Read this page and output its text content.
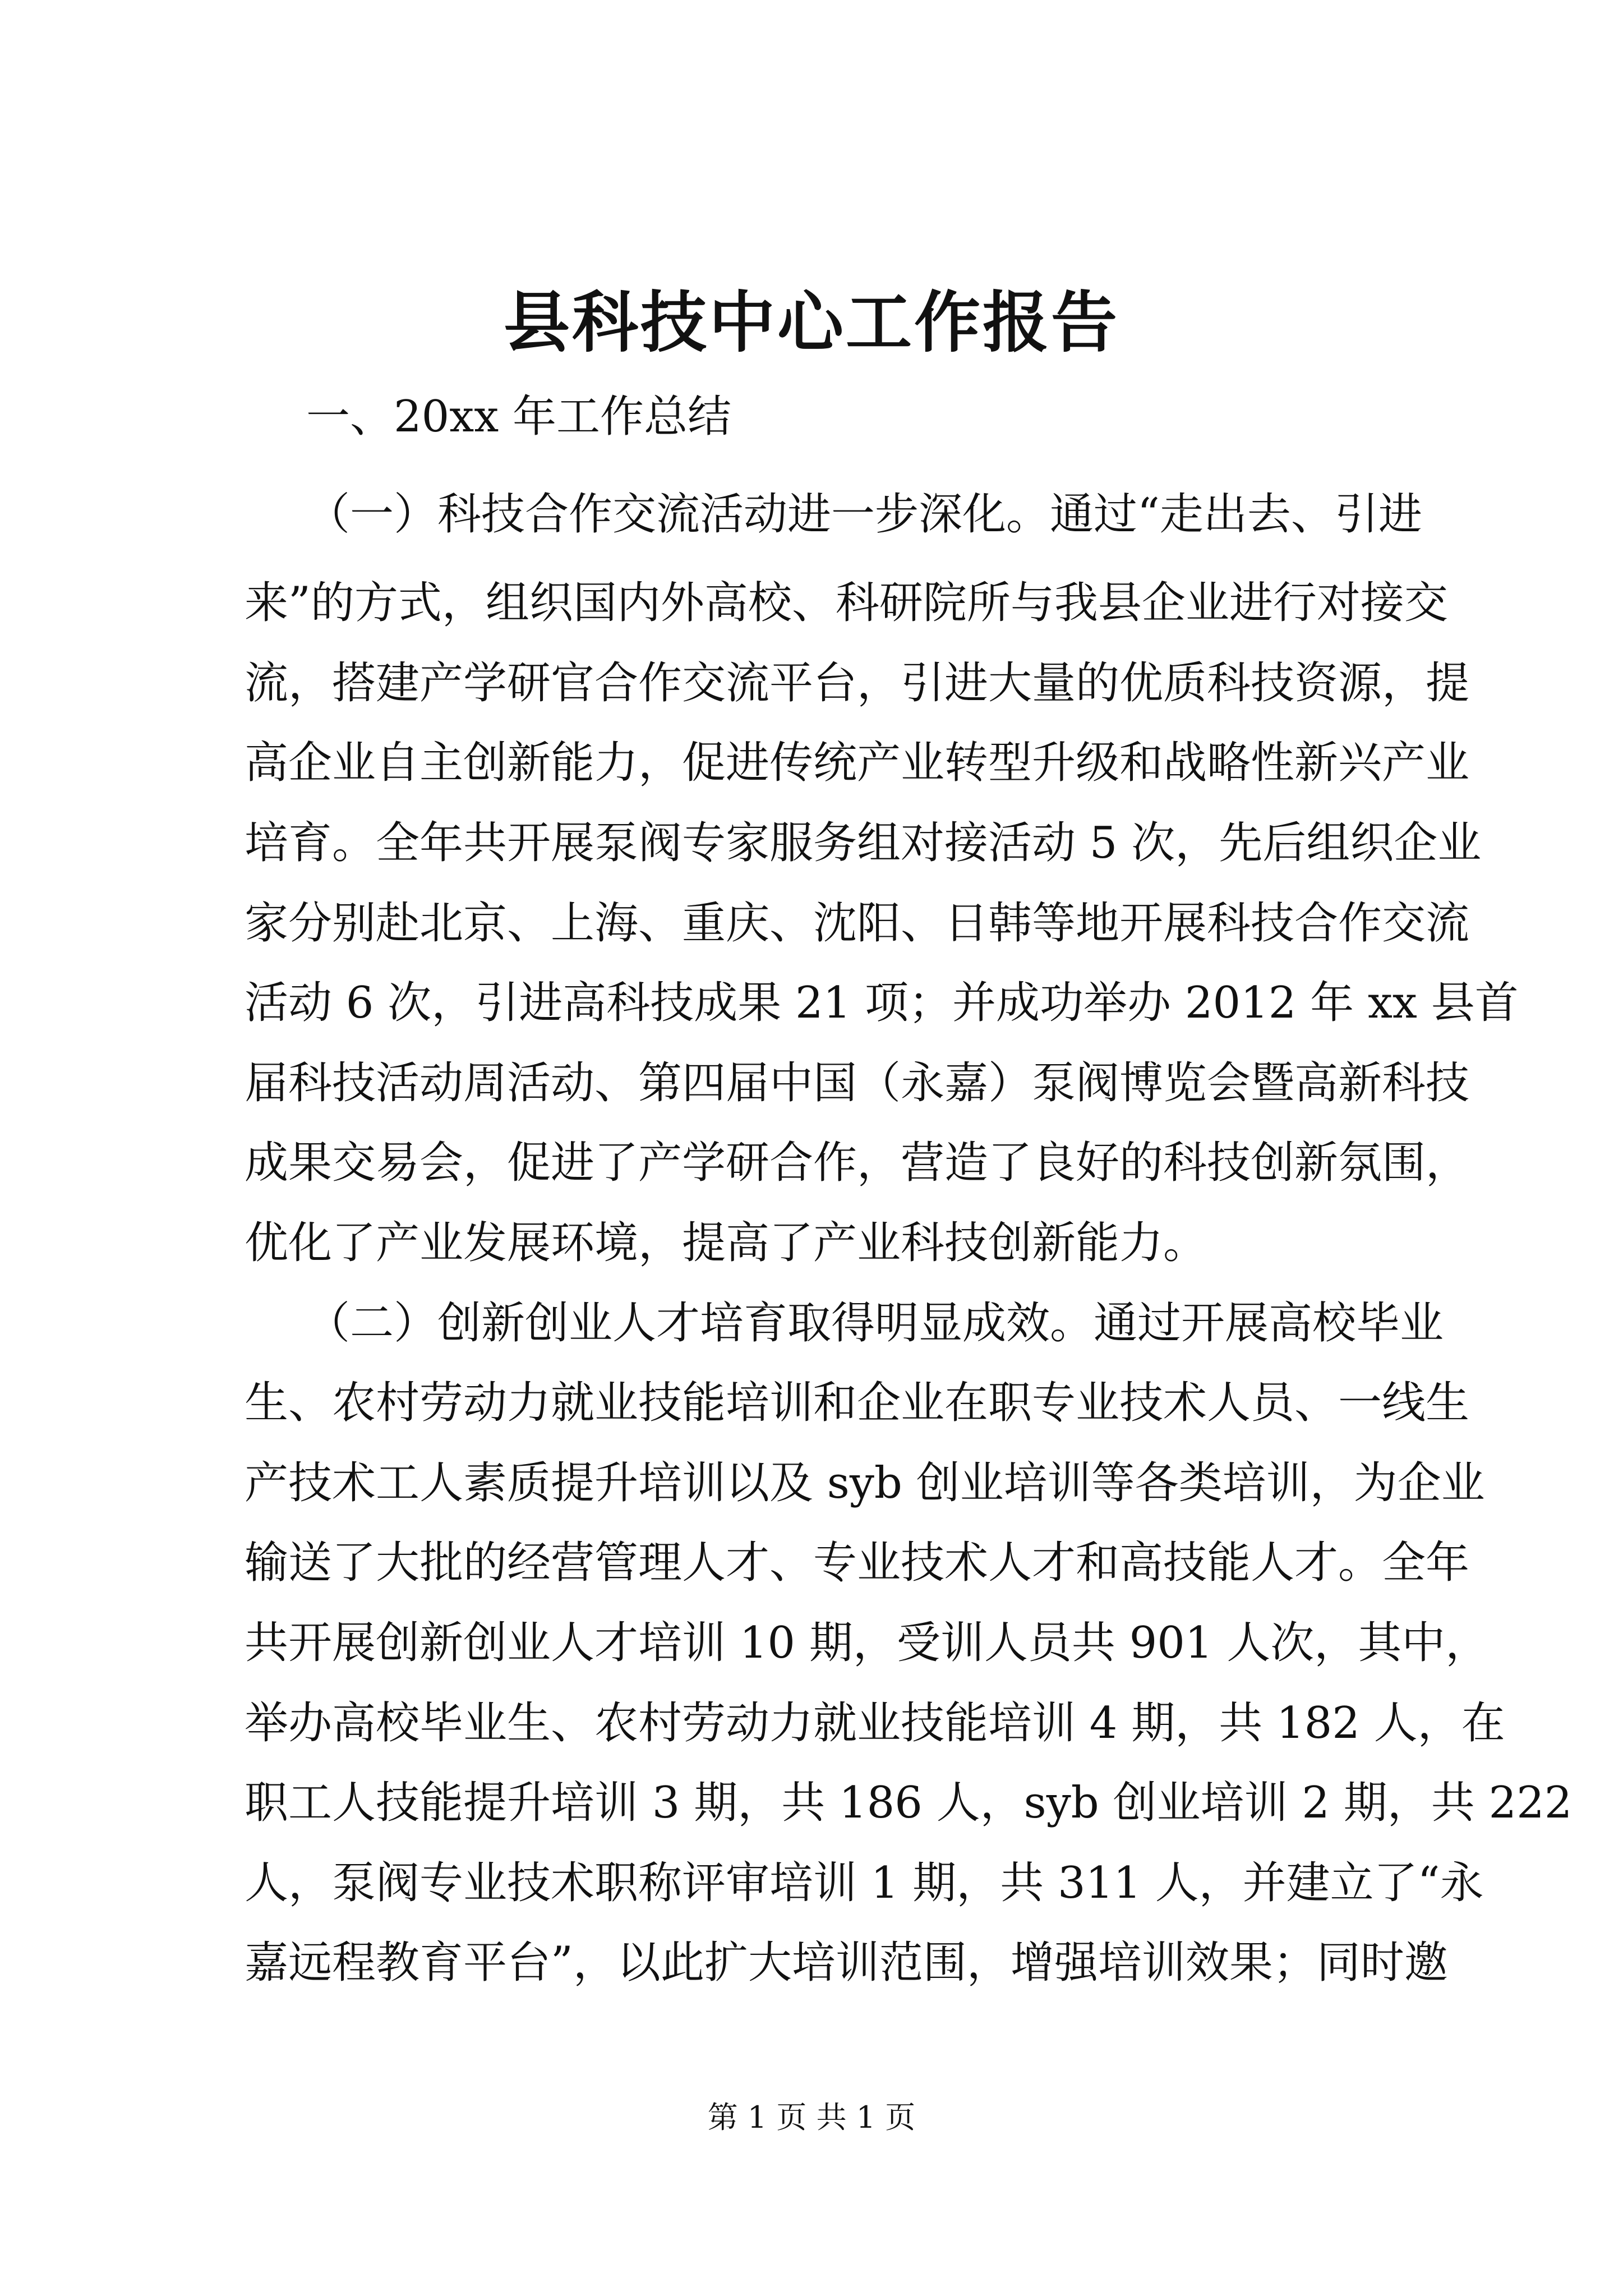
县科技中心工作报告

一、20xx 年工作总结

（一）科技合作交流活动进一步深化。通过“走出去、引进

来”的方式，组织国内外高校、科研院所与我县企业进行对接交

流，搭建产学研官合作交流平台，引进大量的优质科技资源，提

高企业自主创新能力，促进传统产业转型升级和战略性新兴产业

培育。全年共开展泵阀专家服务组对接活动 5 次，先后组织企业

家分别赴北京、上海、重庆、沈阳、日韩等地开展科技合作交流

活动 6 次，引进高科技成果 21 项；并成功举办 2012 年 xx 县首

届科技活动周活动、第四届中国（永嘉）泵阀博览会暨高新科技

成果交易会，促进了产学研合作，营造了良好的科技创新氛围，

优化了产业发展环境，提高了产业科技创新能力。

（二）创新创业人才培育取得明显成效。通过开展高校毕业

生、农村劳动力就业技能培训和企业在职专业技术人员、一线生

产技术工人素质提升培训以及 syb 创业培训等各类培训，为企业

输送了大批的经营管理人才、专业技术人才和高技能人才。全年

共开展创新创业人才培训 10 期，受训人员共 901 人次，其中，

举办高校毕业生、农村劳动力就业技能培训 4 期，共 182 人，在

职工人技能提升培训 3 期，共 186 人，syb 创业培训 2 期，共 222

人，泵阀专业技术职称评审培训 1 期，共 311 人，并建立了“永

嘉远程教育平台”，以此扩大培训范围，增强培训效果；同时邀

第 1 页 共 1 页
